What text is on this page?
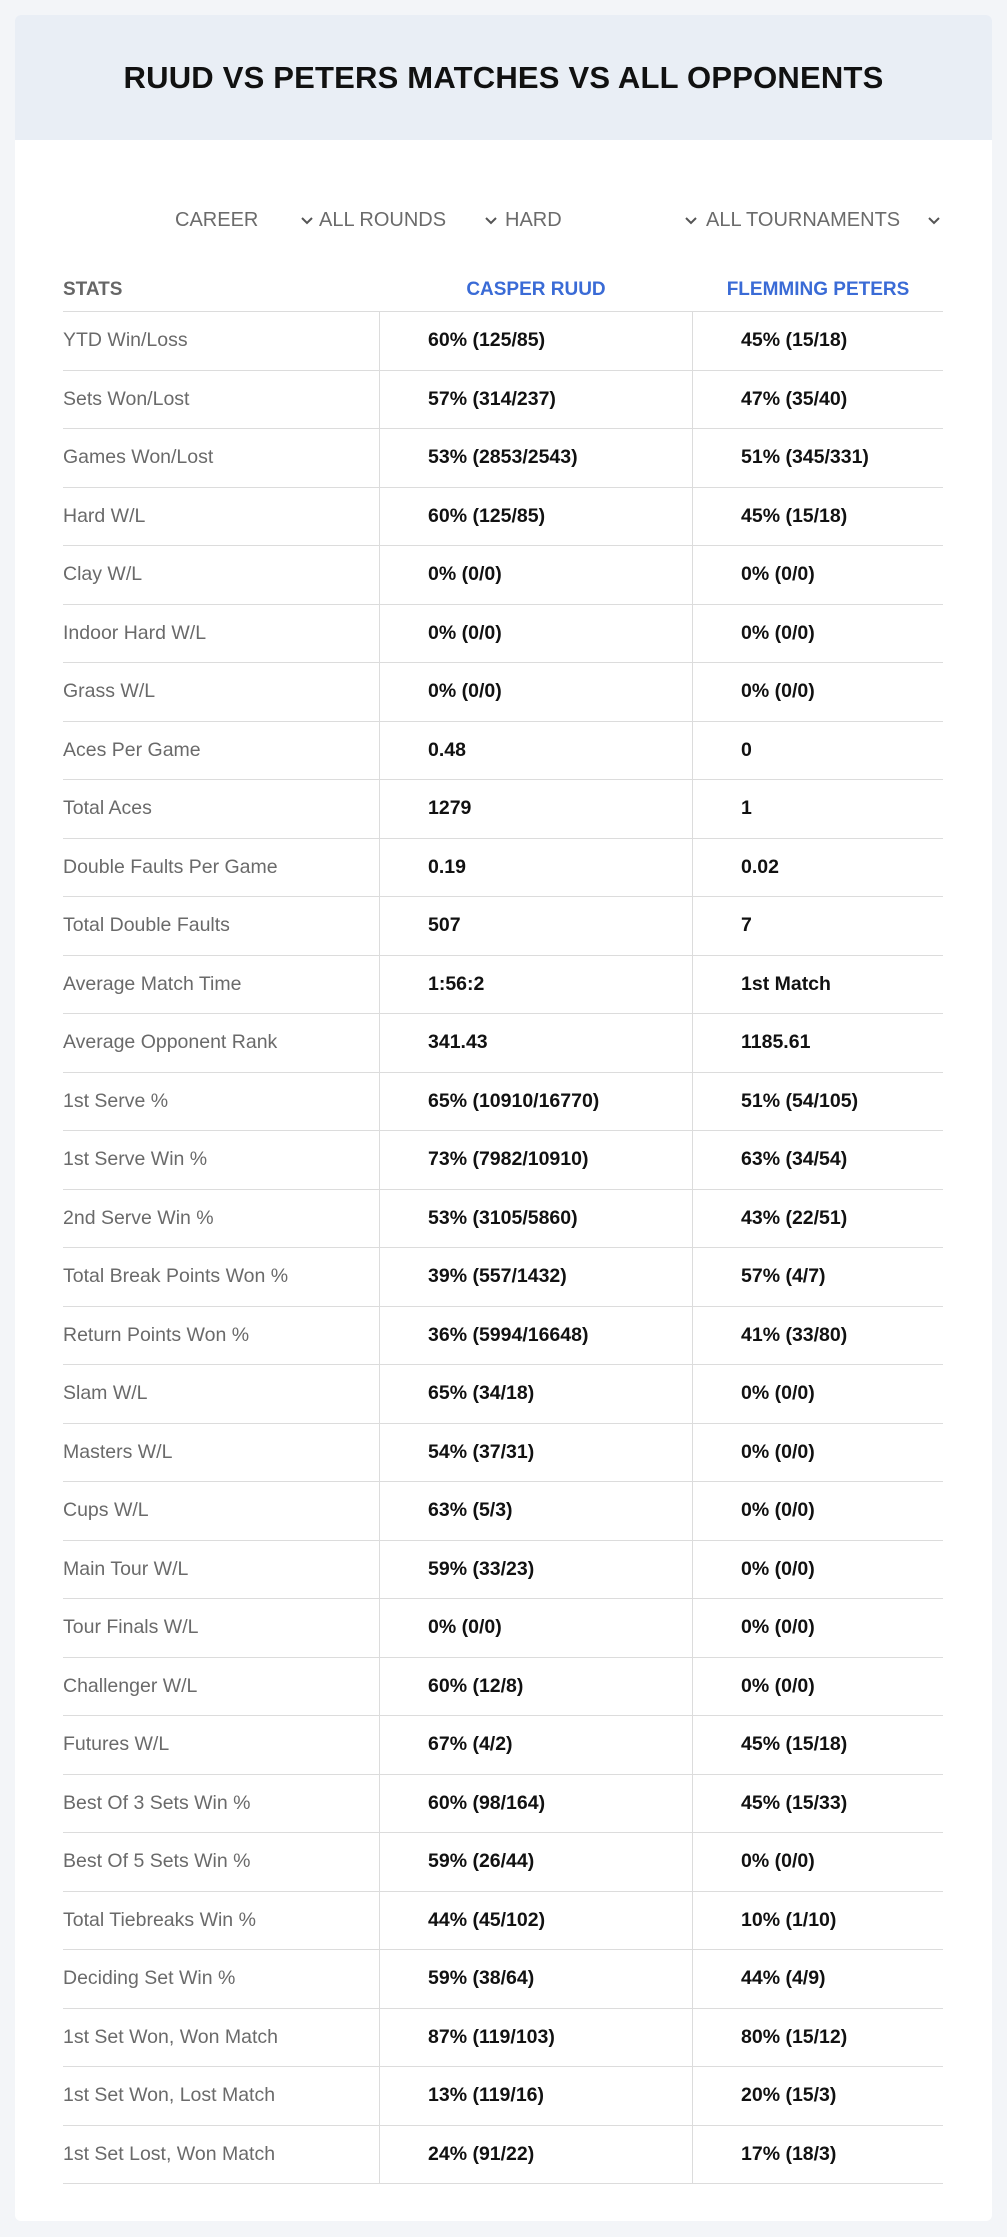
RUUD VS PETERS MATCHES VS ALL OPPONENTS
CAREER	ALL ROUNDS	HARD	ALL TOURNAMENTS
STATS	CASPER RUUD	FLEMMING PETERS
YTD Win/Loss	60% (125/85)	45% (15/18)
Sets Won/Lost	57% (314/237)	47% (35/40)
Games Won/Lost	53% (2853/2543)	51% (345/331)
Hard W/L	60% (125/85)	45% (15/18)
Clay W/L	0% (0/0)	0% (0/0)
Indoor Hard W/L	0% (0/0)	0% (0/0)
Grass W/L	0% (0/0)	0% (0/0)
Aces Per Game	0.48	0
Total Aces	1279	1
Double Faults Per Game	0.19	0.02
Total Double Faults	507	7
Average Match Time	1:56:2	1st Match
Average Opponent Rank	341.43	1185.61
1st Serve %	65% (10910/16770)	51% (54/105)
1st Serve Win %	73% (7982/10910)	63% (34/54)
2nd Serve Win %	53% (3105/5860)	43% (22/51)
Total Break Points Won %	39% (557/1432)	57% (4/7)
Return Points Won %	36% (5994/16648)	41% (33/80)
Slam W/L	65% (34/18)	0% (0/0)
Masters W/L	54% (37/31)	0% (0/0)
Cups W/L	63% (5/3)	0% (0/0)
Main Tour W/L	59% (33/23)	0% (0/0)
Tour Finals W/L	0% (0/0)	0% (0/0)
Challenger W/L	60% (12/8)	0% (0/0)
Futures W/L	67% (4/2)	45% (15/18)
Best Of 3 Sets Win %	60% (98/164)	45% (15/33)
Best Of 5 Sets Win %	59% (26/44)	0% (0/0)
Total Tiebreaks Win %	44% (45/102)	10% (1/10)
Deciding Set Win %	59% (38/64)	44% (4/9)
1st Set Won, Won Match	87% (119/103)	80% (15/12)
1st Set Won, Lost Match	13% (119/16)	20% (15/3)
1st Set Lost, Won Match	24% (91/22)	17% (18/3)
